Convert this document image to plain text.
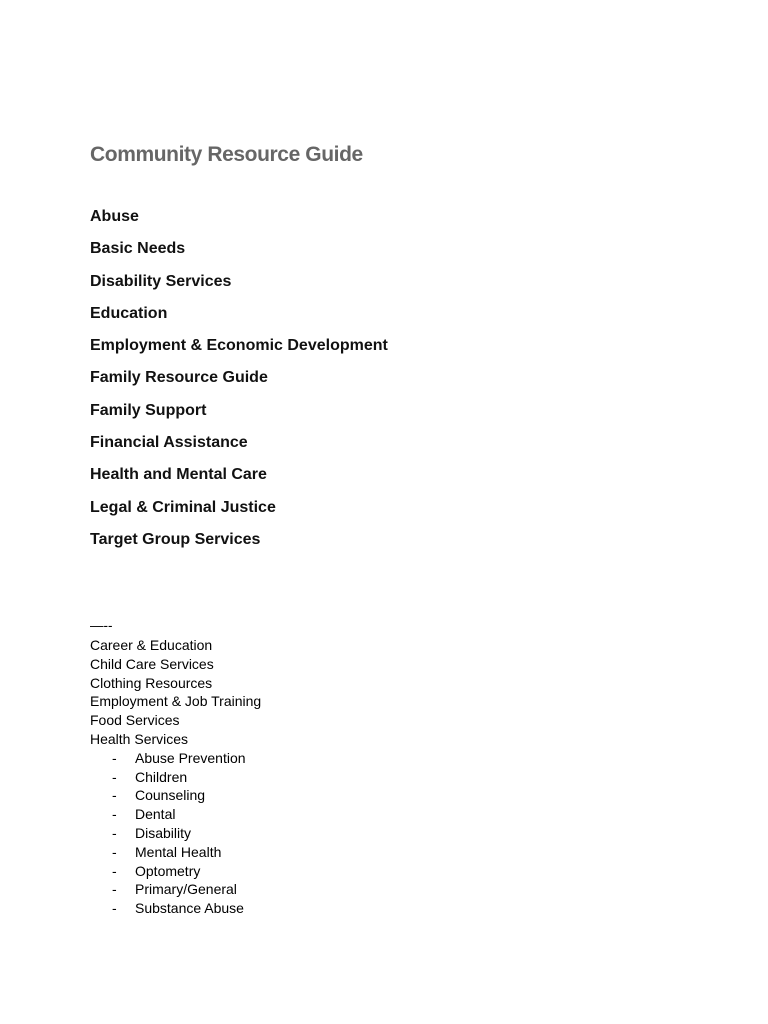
Community Resource Guide
Abuse
Basic Needs
Disability Services
Education
Employment & Economic Development
Family Resource Guide
Family Support
Financial Assistance
Health and Mental Care
Legal & Criminal Justice
Target Group Services
—--
Career & Education
Child Care Services
Clothing Resources
Employment & Job Training
Food Services
Health Services
- Abuse Prevention
- Children
- Counseling
- Dental
- Disability
- Mental Health
- Optometry
- Primary/General
- Substance Abuse
